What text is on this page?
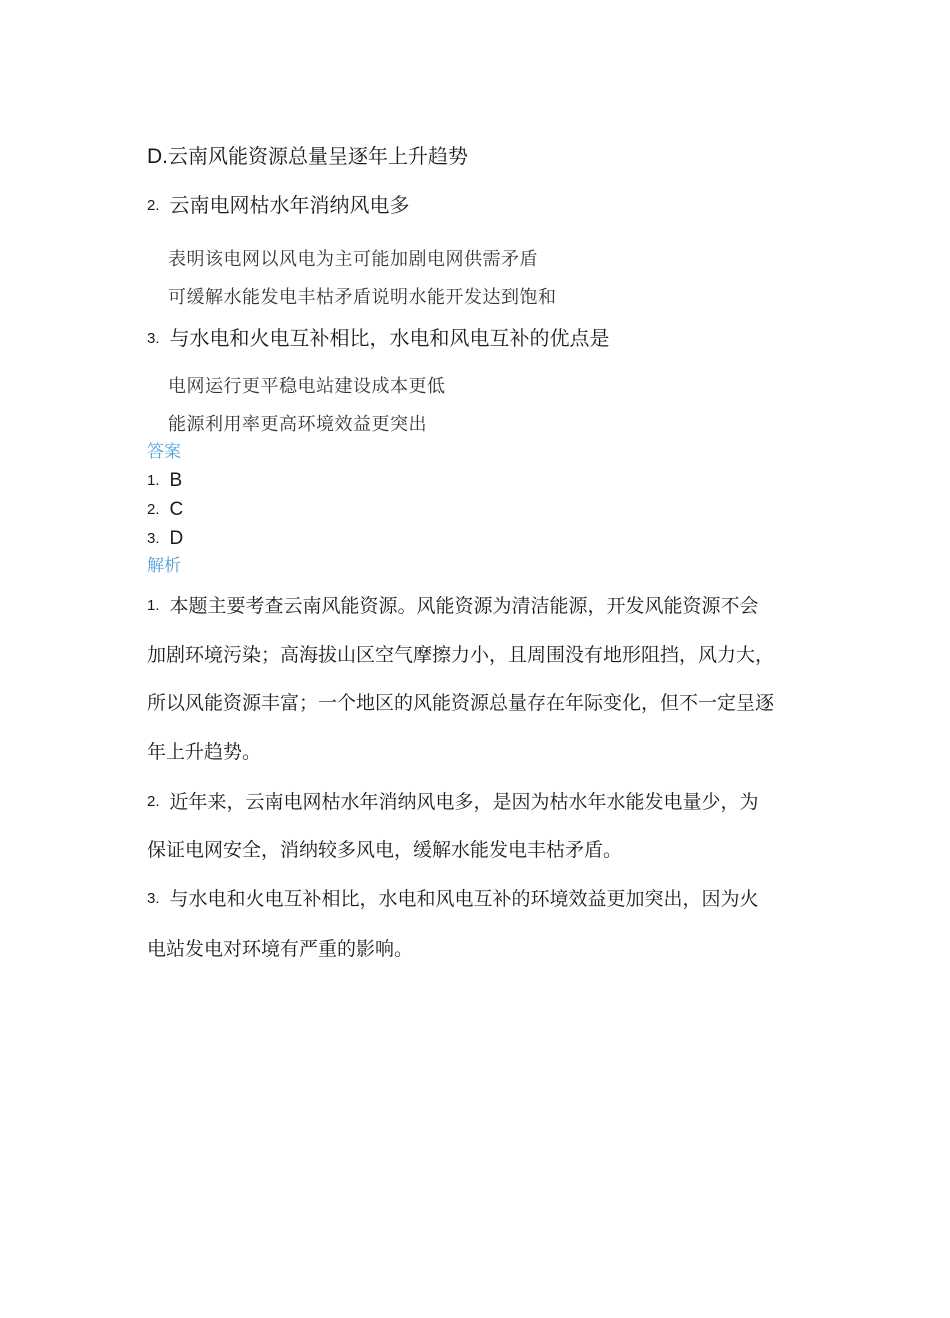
D.云南风能资源总量呈逐年上升趋势
2. 云南电网枯水年消纳风电多
表明该电网以风电为主可能加剧电网供需矛盾
可缓解水能发电丰枯矛盾说明水能开发达到饱和
3. 与水电和火电互补相比，水电和风电互补的优点是
电网运行更平稳电站建设成本更低
能源利用率更高环境效益更突出
答案
1. B
2. C
3. D
解析
1. 本题主要考查云南风能资源。风能资源为清洁能源，开发风能资源不会
加剧环境污染；高海拔山区空气摩擦力小，且周围没有地形阻挡，风力大，
所以风能资源丰富；一个地区的风能资源总量存在年际变化，但不一定呈逐
年上升趋势。
2. 近年来，云南电网枯水年消纳风电多，是因为枯水年水能发电量少，为
保证电网安全，消纳较多风电，缓解水能发电丰枯矛盾。
3. 与水电和火电互补相比，水电和风电互补的环境效益更加突出，因为火
电站发电对环境有严重的影响。
